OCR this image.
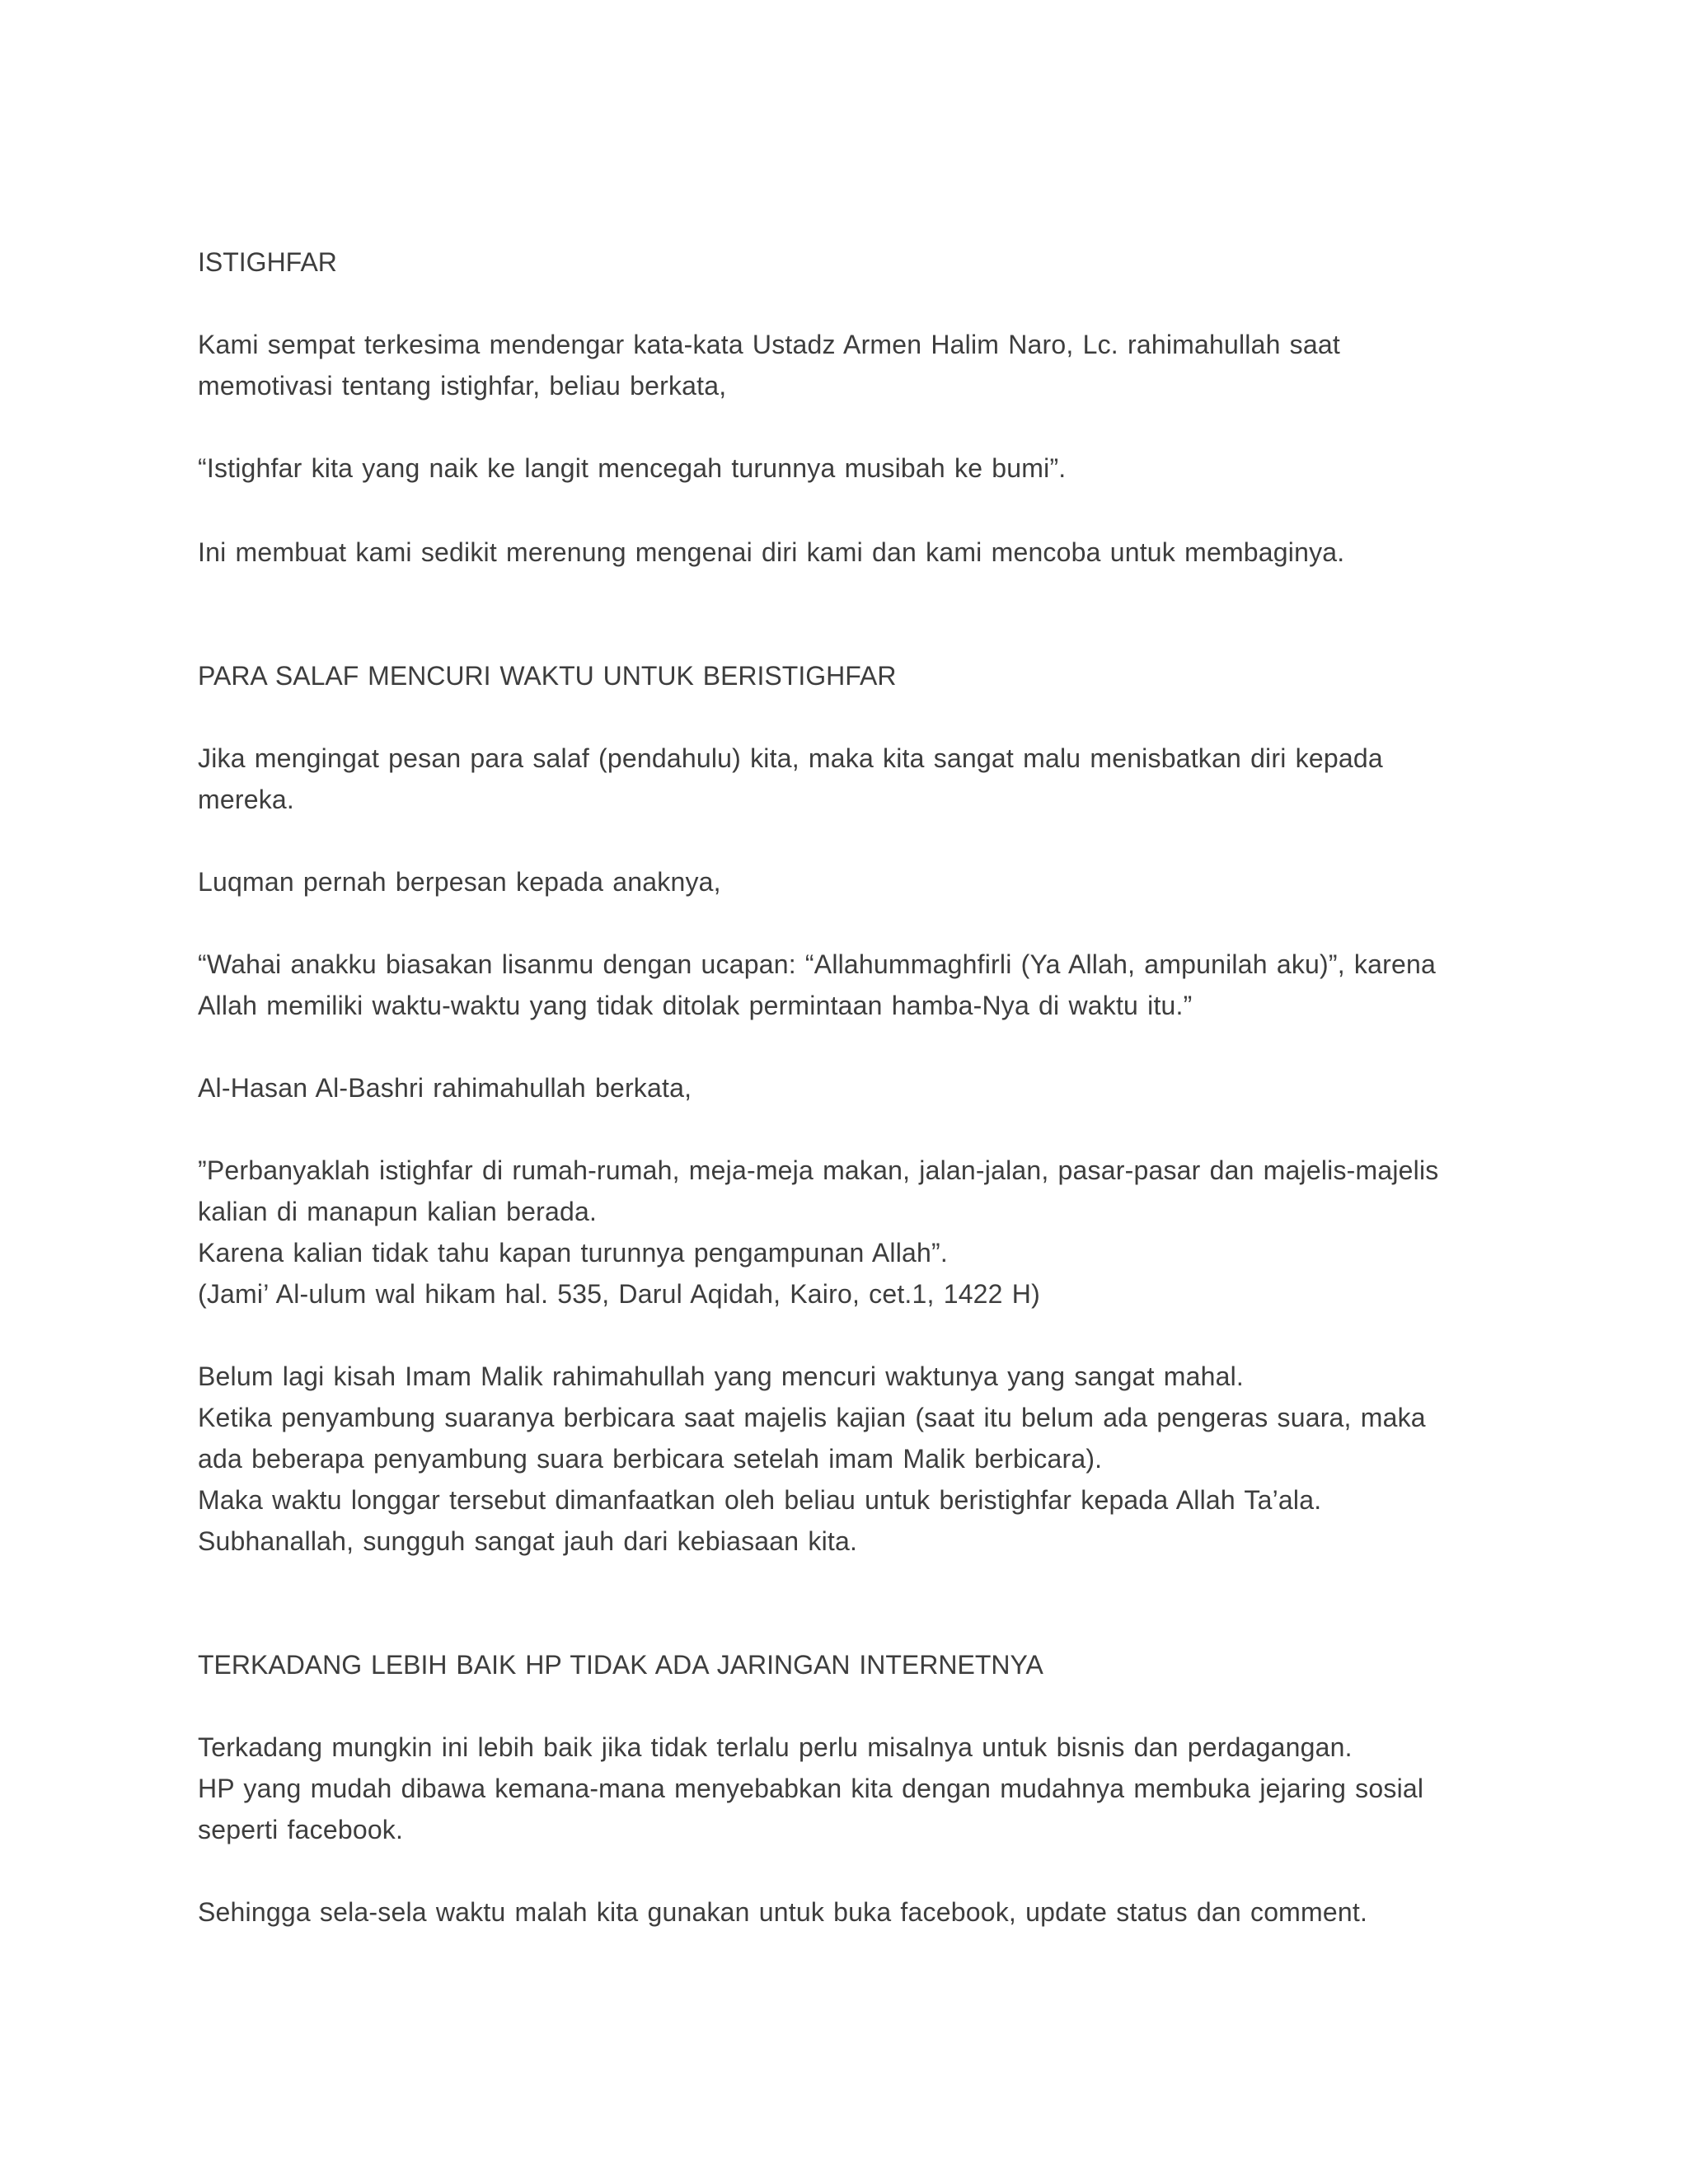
ISTIGHFAR

Kami sempat terkesima mendengar kata-kata Ustadz Armen Halim Naro, Lc. rahimahullah saat

memotivasi tentang istighfar, beliau berkata,

“Istighfar kita yang naik ke langit mencegah turunnya musibah ke bumi”.

Ini membuat kami sedikit merenung mengenai diri kami dan kami mencoba untuk membaginya.

PARA SALAF MENCURI WAKTU UNTUK BERISTIGHFAR

Jika mengingat pesan para salaf (pendahulu) kita, maka kita sangat malu menisbatkan diri kepada

mereka.

Luqman pernah berpesan kepada anaknya,

“Wahai anakku biasakan lisanmu dengan ucapan: “Allahummaghfirli (Ya Allah, ampunilah aku)”, karena

Allah memiliki waktu-waktu yang tidak ditolak permintaan hamba-Nya di waktu itu.”

Al-Hasan Al-Bashri rahimahullah berkata,

”Perbanyaklah istighfar di rumah-rumah, meja-meja makan, jalan-jalan, pasar-pasar dan majelis-majelis

kalian di manapun kalian berada.

Karena kalian tidak tahu kapan turunnya pengampunan Allah”.

(Jami’ Al-ulum wal hikam hal. 535, Darul Aqidah, Kairo, cet.1, 1422 H)

Belum lagi kisah Imam Malik rahimahullah yang mencuri waktunya yang sangat mahal.

Ketika penyambung suaranya berbicara saat majelis kajian (saat itu belum ada pengeras suara, maka

ada beberapa penyambung suara berbicara setelah imam Malik berbicara).

Maka waktu longgar tersebut dimanfaatkan oleh beliau untuk beristighfar kepada Allah Ta’ala.

Subhanallah, sungguh sangat jauh dari kebiasaan kita.

TERKADANG LEBIH BAIK HP TIDAK ADA JARINGAN INTERNETNYA

Terkadang mungkin ini lebih baik jika tidak terlalu perlu misalnya untuk bisnis dan perdagangan.

HP yang mudah dibawa kemana-mana menyebabkan kita dengan mudahnya membuka jejaring sosial

seperti facebook.

Sehingga sela-sela waktu malah kita gunakan untuk buka facebook, update status dan comment.
